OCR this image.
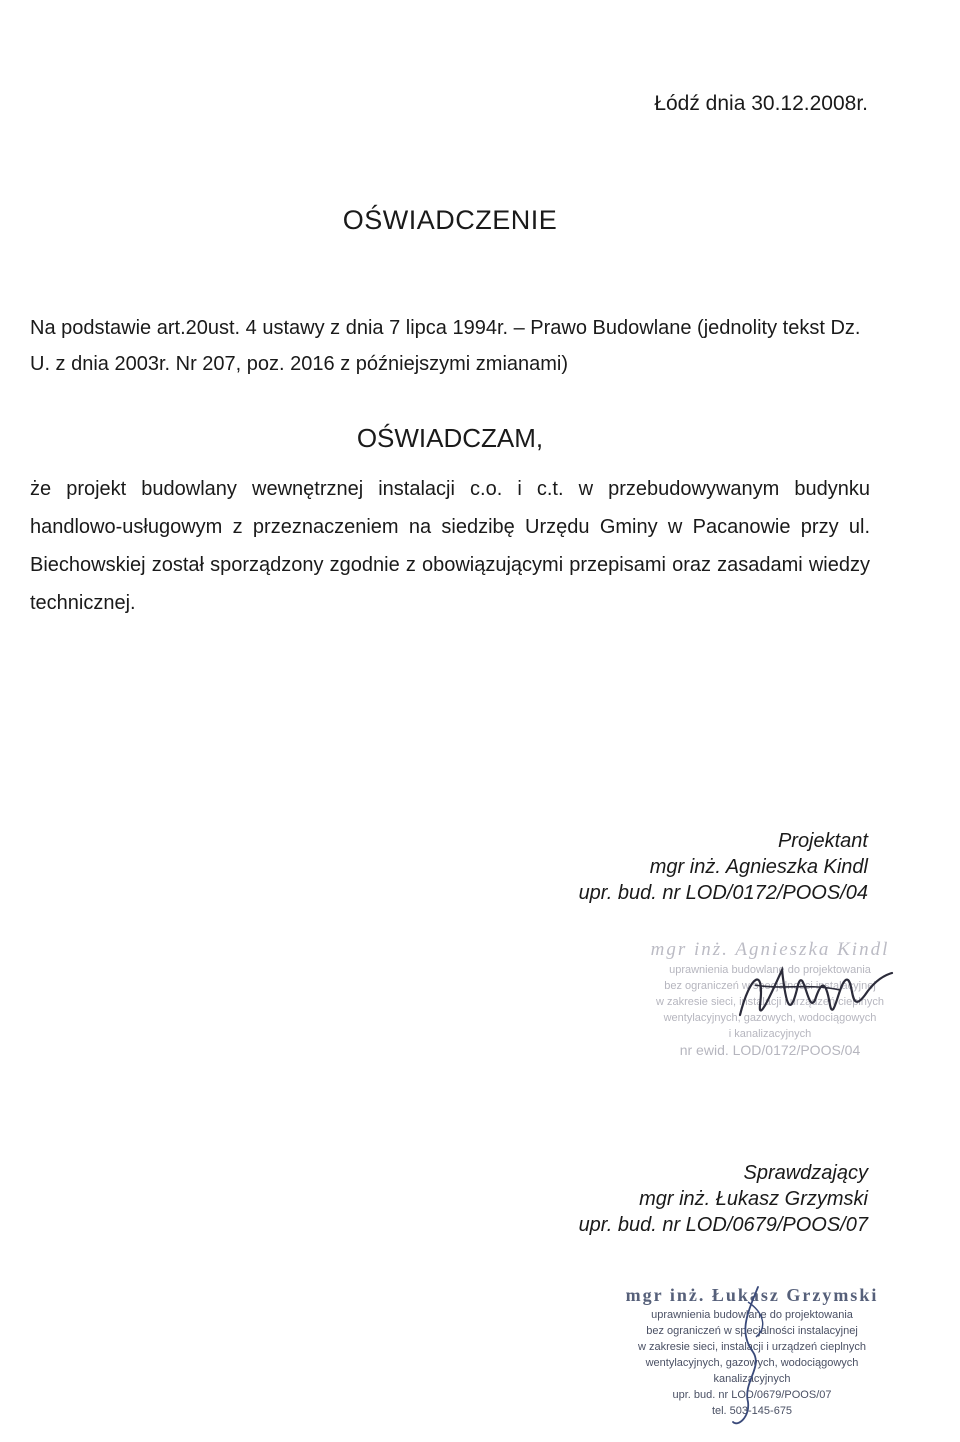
Łódź dnia 30.12.2008r.
OŚWIADCZENIE
Na podstawie art.20ust. 4 ustawy z dnia 7 lipca 1994r. – Prawo Budowlane (jednolity tekst Dz. U. z dnia 2003r. Nr 207, poz. 2016 z późniejszymi zmianami)
OŚWIADCZAM,
że projekt budowlany wewnętrznej instalacji c.o. i c.t. w przebudowywanym budynku handlowo-usługowym z przeznaczeniem na siedzibę Urzędu Gminy w Pacanowie przy ul. Biechowskiej został sporządzony zgodnie z obowiązującymi przepisami oraz zasadami wiedzy technicznej.
Projektant
mgr inż. Agnieszka Kindl
upr. bud. nr LOD/0172/POOS/04
mgr inż. Agnieszka Kindl
uprawnienia budowlane do projektowania
bez ograniczeń w specjalności instalacyjnej
w zakresie sieci, instalacji i urządzeń cieplnych
wentylacyjnych, gazowych, wodociągowych
i kanalizacyjnych
nr ewid. LOD/0172/POOS/04
Sprawdzający
mgr inż. Łukasz Grzymski
upr. bud. nr LOD/0679/POOS/07
mgr inż. Łukasz Grzymski
uprawnienia budowlane do projektowania
bez ograniczeń w specjalności instalacyjnej
w zakresie sieci, instalacji i urządzeń cieplnych
wentylacyjnych, gazowych, wodociągowych
kanalizacyjnych
upr. bud. nr LOD/0679/POOS/07
tel. 503-145-675
